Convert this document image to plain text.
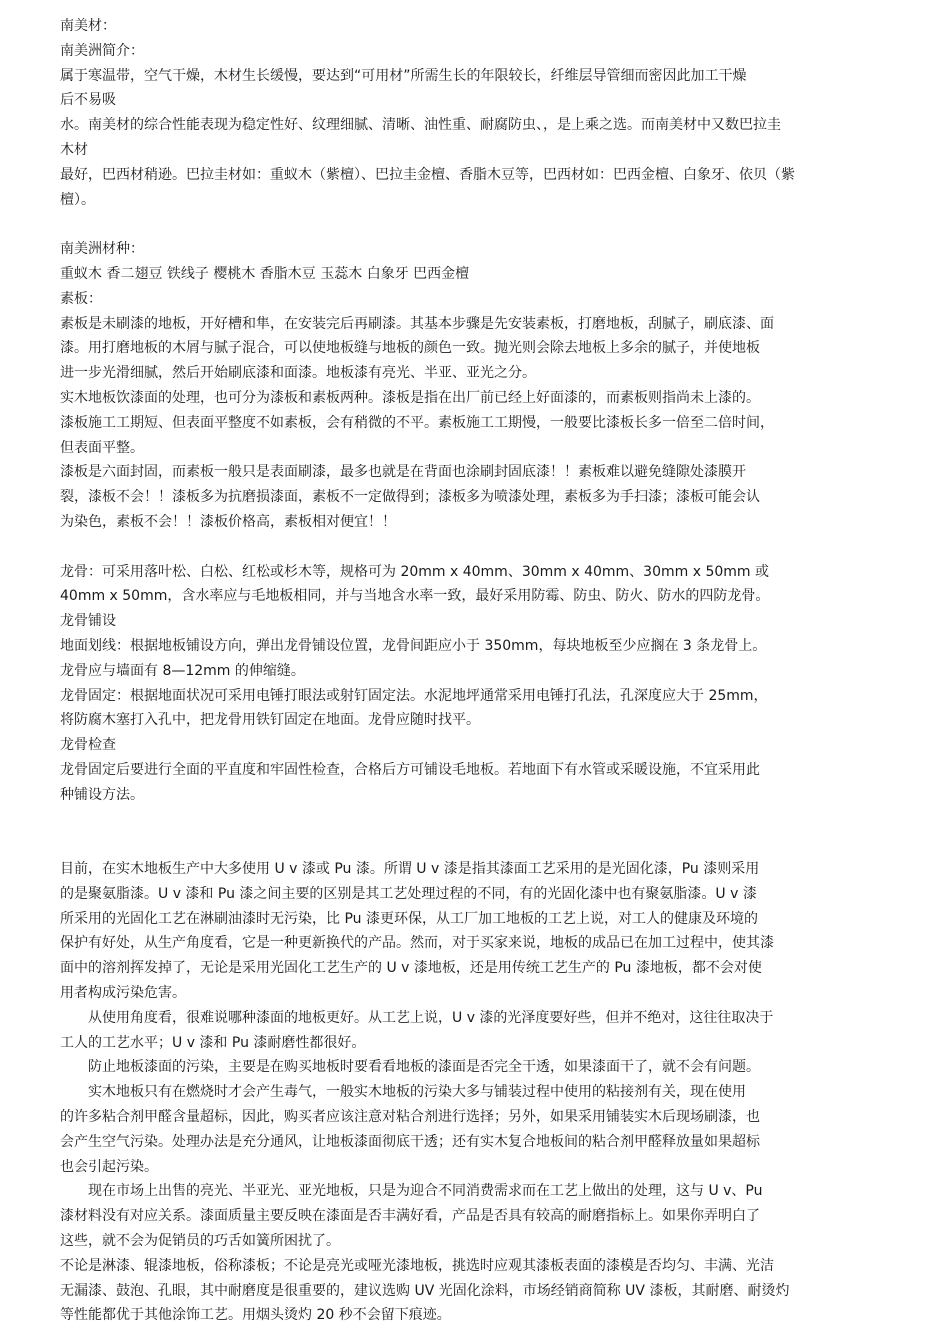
南美材：
南美洲简介：
属于寒温带，空气干燥，木材生长缓慢，要达到“可用材”所需生长的年限较长，纤维层导管细而密因此加工干燥
后不易吸
水。南美材的综合性能表现为稳定性好、纹理细腻、清晰、油性重、耐腐防虫、，是上乘之选。而南美材中又数巴拉圭
木材
最好，巴西材稍逊。巴拉圭材如：重蚁木（紫檀）、巴拉圭金檀、香脂木豆等，巴西材如：巴西金檀、白象牙、依贝（紫
檀）。
南美洲材种：
重蚁木 香二翅豆 铁线子 樱桃木 香脂木豆 玉蕊木 白象牙 巴西金檀
素板：
素板是未刷漆的地板，开好槽和隼，在安装完后再刷漆。其基本步骤是先安装素板，打磨地板，刮腻子，刷底漆、面
漆。用打磨地板的木屑与腻子混合，可以使地板缝与地板的颜色一致。抛光则会除去地板上多余的腻子，并使地板
进一步光滑细腻，然后开始刷底漆和面漆。地板漆有亮光、半亚、亚光之分。
实木地板饮漆面的处理，也可分为漆板和素板两种。漆板是指在出厂前已经上好面漆的，而素板则指尚未上漆的。
漆板施工工期短、但表面平整度不如素板，会有稍微的不平。素板施工工期慢，一般要比漆板长多一倍至二倍时间，
但表面平整。
漆板是六面封固，而素板一般只是表面刷漆，最多也就是在背面也涂刷封固底漆！！素板难以避免缝隙处漆膜开
裂，漆板不会！！漆板多为抗磨损漆面，素板不一定做得到；漆板多为喷漆处理，素板多为手扫漆；漆板可能会认
为染色，素板不会！！漆板价格高，素板相对便宜！！
龙骨：可采用落叶松、白松、红松或杉木等，规格可为 20mm x 40mm、30mm x 40mm、30mm x 50mm 或
40mm x 50mm，含水率应与毛地板相同，并与当地含水率一致，最好采用防霉、防虫、防火、防水的四防龙骨。
龙骨铺设
地面划线：根据地板铺设方向，弹出龙骨铺设位置，龙骨间距应小于 350mm，每块地板至少应搁在 3 条龙骨上。
龙骨应与墙面有 8—12mm 的伸缩缝。
龙骨固定：根据地面状况可采用电锤打眼法或射钉固定法。水泥地坪通常采用电锤打孔法，孔深度应大于 25mm，
将防腐木塞打入孔中，把龙骨用铁钉固定在地面。龙骨应随时找平。
龙骨检查
龙骨固定后要进行全面的平直度和牢固性检查，合格后方可铺设毛地板。若地面下有水管或采暖设施，不宜采用此
种铺设方法。
目前，在实木地板生产中大多使用 U v 漆或 Pu 漆。所谓 U v 漆是指其漆面工艺采用的是光固化漆，Pu 漆则采用
的是聚氨脂漆。U v 漆和 Pu 漆之间主要的区别是其工艺处理过程的不同，有的光固化漆中也有聚氨脂漆。U v 漆
所采用的光固化工艺在淋刷油漆时无污染，比 Pu 漆更环保，从工厂加工地板的工艺上说，对工人的健康及环境的
保护有好处，从生产角度看，它是一种更新换代的产品。然而，对于买家来说，地板的成品已在加工过程中，使其漆
面中的溶剂挥发掉了，无论是采用光固化工艺生产的 U v 漆地板，还是用传统工艺生产的 Pu 漆地板，都不会对使
用者构成污染危害。
从使用角度看，很难说哪种漆面的地板更好。从工艺上说，U v 漆的光泽度要好些，但并不绝对，这往往取决于
工人的工艺水平；U v 漆和 Pu 漆耐磨性都很好。
防止地板漆面的污染，主要是在购买地板时要看看地板的漆面是否完全干透，如果漆面干了，就不会有问题。
实木地板只有在燃烧时才会产生毒气，一般实木地板的污染大多与铺装过程中使用的粘接剂有关，现在使用
的许多粘合剂甲醛含量超标，因此，购买者应该注意对粘合剂进行选择；另外，如果采用铺装实木后现场刷漆，也
会产生空气污染。处理办法是充分通风，让地板漆面彻底干透；还有实木复合地板间的粘合剂甲醛释放量如果超标
也会引起污染。
现在市场上出售的亮光、半亚光、亚光地板，只是为迎合不同消费需求而在工艺上做出的处理，这与 U v、Pu
漆材料没有对应关系。漆面质量主要反映在漆面是否丰满好看，产品是否具有较高的耐磨指标上。如果你弄明白了
这些，就不会为促销员的巧舌如簧所困扰了。
不论是淋漆、辊漆地板，俗称漆板；不论是亮光或哑光漆地板，挑选时应观其漆板表面的漆模是否均匀、丰满、光洁
无漏漆、鼓泡、孔眼，其中耐磨度是很重要的，建议选购 UV 光固化涂料，市场经销商简称 UV 漆板，其耐磨、耐烫灼
等性能都优于其他涂饰工艺。用烟头烫灼 20 秒不会留下痕迹。
